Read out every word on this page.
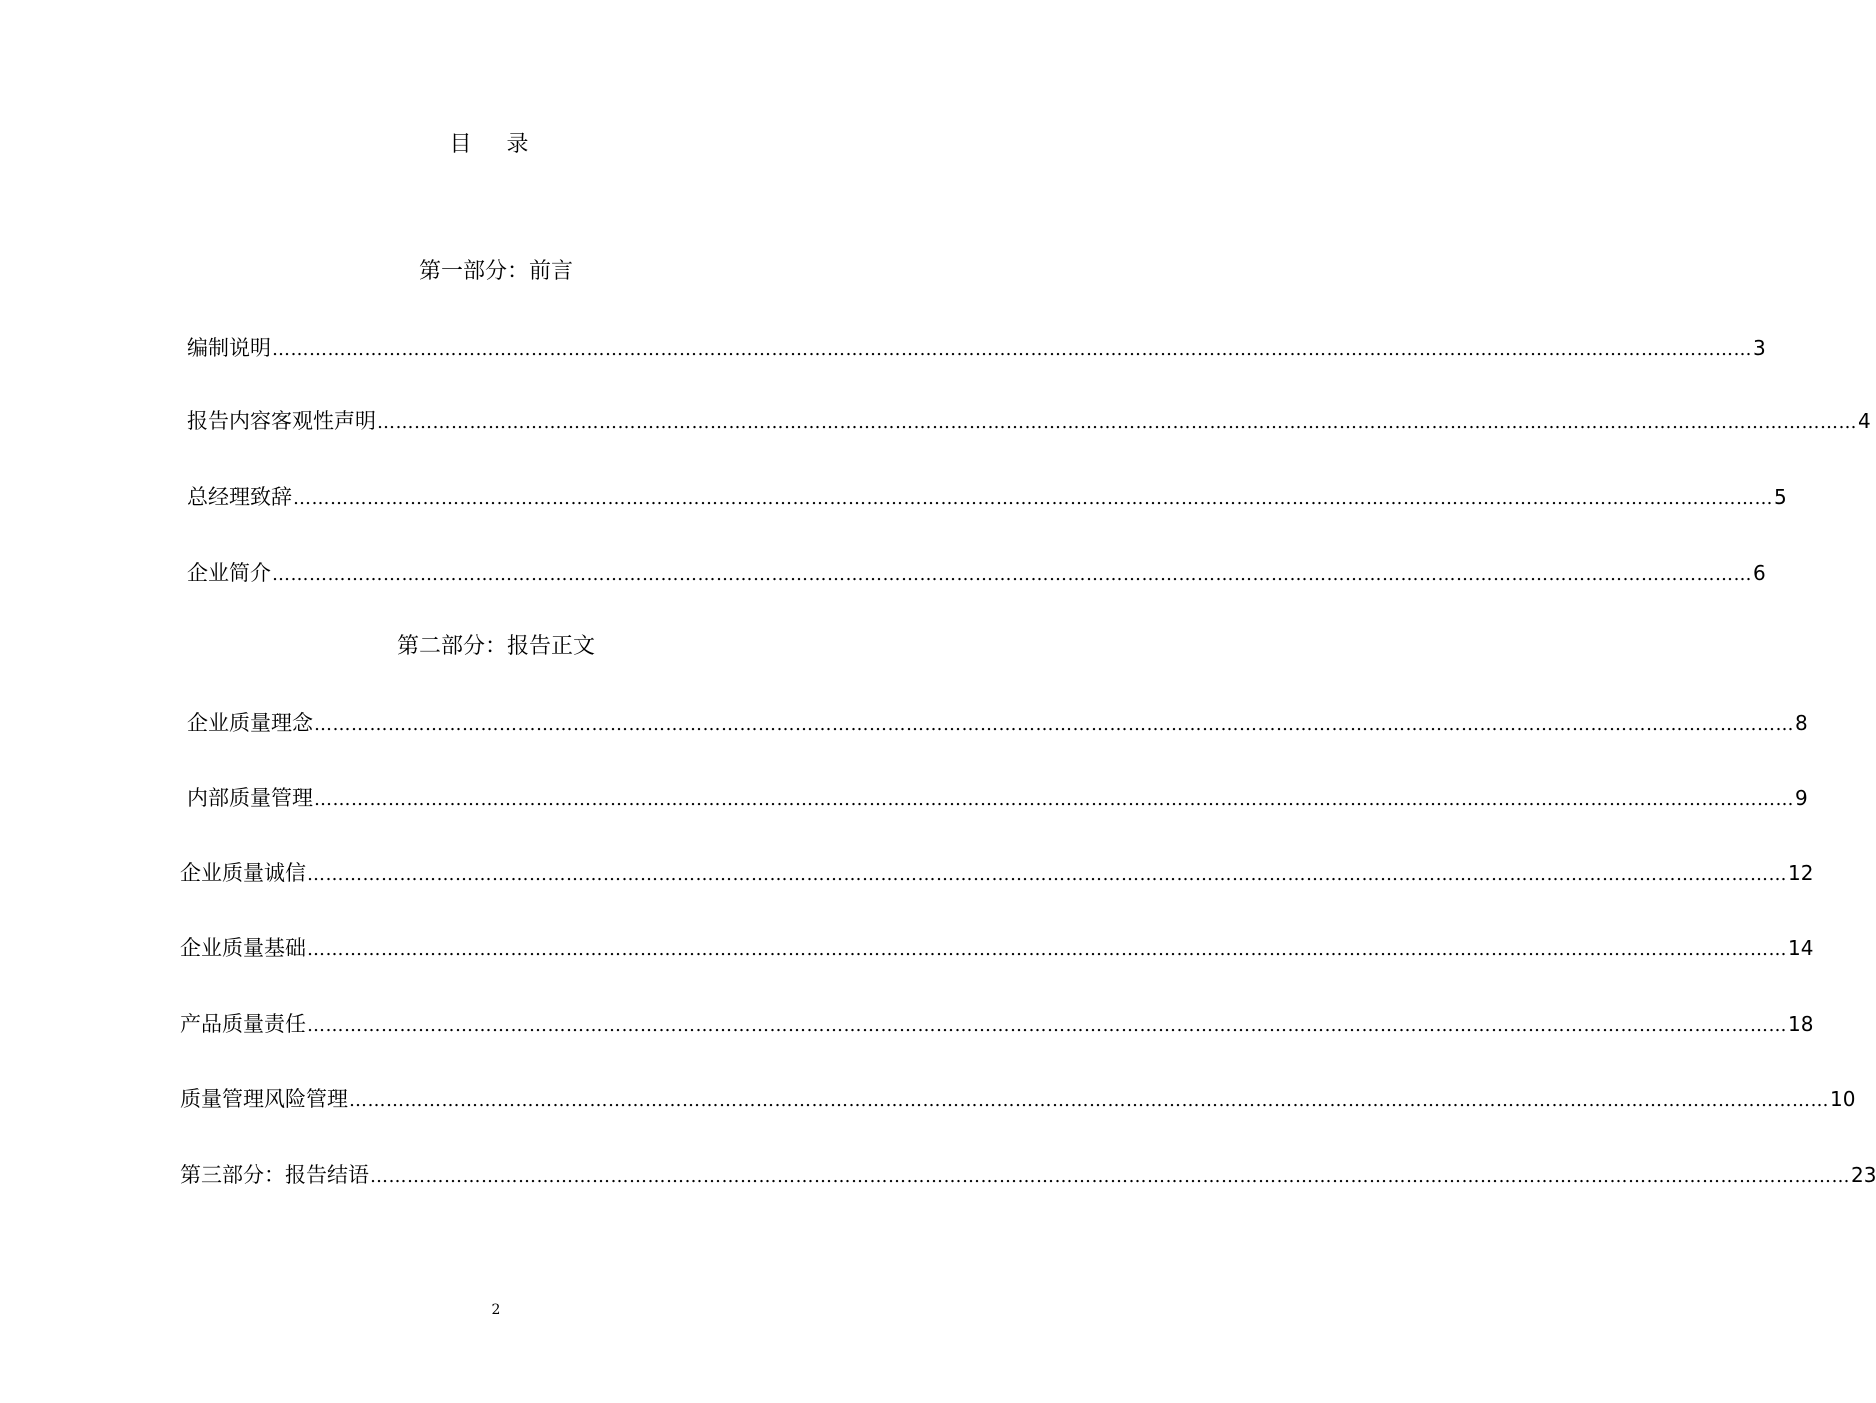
目 录
第一部分：前言
编制说明 …………………………………………………………………………………………………………………………………………………………………………………………………………………… 3
报告内容客观性声明 …………………………………………………………………………………………………………………………………………………………………………………………………………………… 4
总经理致辞 …………………………………………………………………………………………………………………………………………………………………………………………………………………… 5
企业简介 …………………………………………………………………………………………………………………………………………………………………………………………………………………… 6
第二部分：报告正文
企业质量理念 …………………………………………………………………………………………………………………………………………………………………………………………………………………… 8
内部质量管理 …………………………………………………………………………………………………………………………………………………………………………………………………………………… 9
企业质量诚信 …………………………………………………………………………………………………………………………………………………………………………………………………………………… 12
企业质量基础 …………………………………………………………………………………………………………………………………………………………………………………………………………………… 14
产品质量责任 …………………………………………………………………………………………………………………………………………………………………………………………………………………… 18
质量管理风险管理 …………………………………………………………………………………………………………………………………………………………………………………………………………………… 10
第三部分：报告结语 …………………………………………………………………………………………………………………………………………………………………………………………………………………… 23
2
